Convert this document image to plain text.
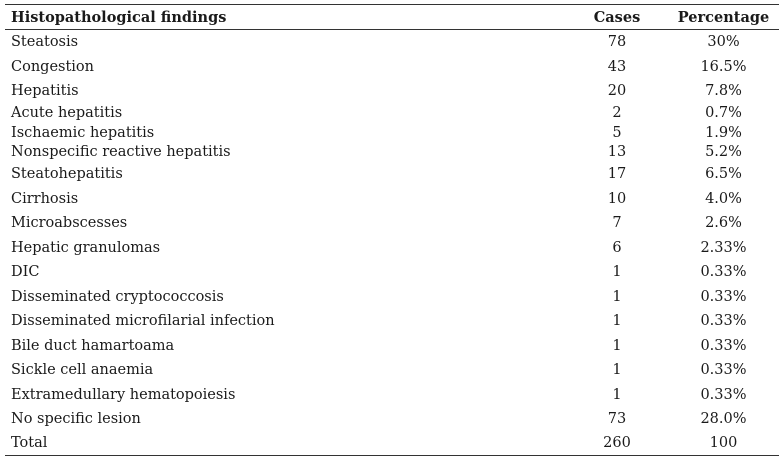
Histopathological findings	Cases	Percentage
Steatosis	78	30%
Congestion	43	16.5%
Hepatitis	20	7.8%
Acute hepatitis	2	0.7%
Ischaemic hepatitis	5	1.9%
Nonspecific reactive hepatitis	13	5.2%
Steatohepatitis	17	6.5%
Cirrhosis	10	4.0%
Microabscesses	7	2.6%
Hepatic granulomas	6	2.33%
DIC	1	0.33%
Disseminated cryptococcosis	1	0.33%
Disseminated microfilarial infection	1	0.33%
Bile duct hamartoama	1	0.33%
Sickle cell anaemia	1	0.33%
Extramedullary hematopoiesis	1	0.33%
No specific lesion	73	28.0%
Total	260	100
